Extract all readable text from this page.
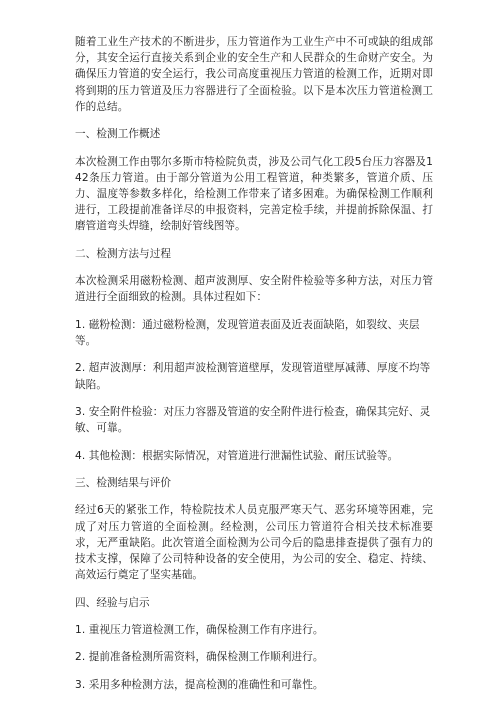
随着工业生产技术的不断进步，压力管道作为工业生产中不可或缺的组成部分，其安全运行直接关系到企业的安全生产和人民群众的生命财产安全。为确保压力管道的安全运行，我公司高度重视压力管道的检测工作，近期对即将到期的压力管道及压力容器进行了全面检验。以下是本次压力管道检测工作的总结。

一、检测工作概述

本次检测工作由鄂尔多斯市特检院负责，涉及公司气化工段5台压力容器及142条压力管道。由于部分管道为公用工程管道，种类繁多，管道介质、压力、温度等参数多样化，给检测工作带来了诸多困难。为确保检测工作顺利进行，工段提前准备详尽的申报资料，完善定检手续，并提前拆除保温、打磨管道弯头焊缝，绘制好管线图等。

二、检测方法与过程

本次检测采用磁粉检测、超声波测厚、安全附件检验等多种方法，对压力管道进行全面细致的检测。具体过程如下：

1. 磁粉检测：通过磁粉检测，发现管道表面及近表面缺陷，如裂纹、夹层等。

2. 超声波测厚：利用超声波检测管道壁厚，发现管道壁厚减薄、厚度不均等缺陷。

3. 安全附件检验：对压力容器及管道的安全附件进行检查，确保其完好、灵敏、可靠。

4. 其他检测：根据实际情况，对管道进行泄漏性试验、耐压试验等。

三、检测结果与评价

经过6天的紧张工作，特检院技术人员克服严寒天气、恶劣环境等困难，完成了对压力管道的全面检测。经检测，公司压力管道符合相关技术标准要求，无严重缺陷。此次管道全面检测为公司今后的隐患排查提供了强有力的技术支撑，保障了公司特种设备的安全使用，为公司的安全、稳定、持续、高效运行奠定了坚实基础。

四、经验与启示

1. 重视压力管道检测工作，确保检测工作有序进行。

2. 提前准备检测所需资料，确保检测工作顺利进行。

3. 采用多种检测方法，提高检测的准确性和可靠性。
